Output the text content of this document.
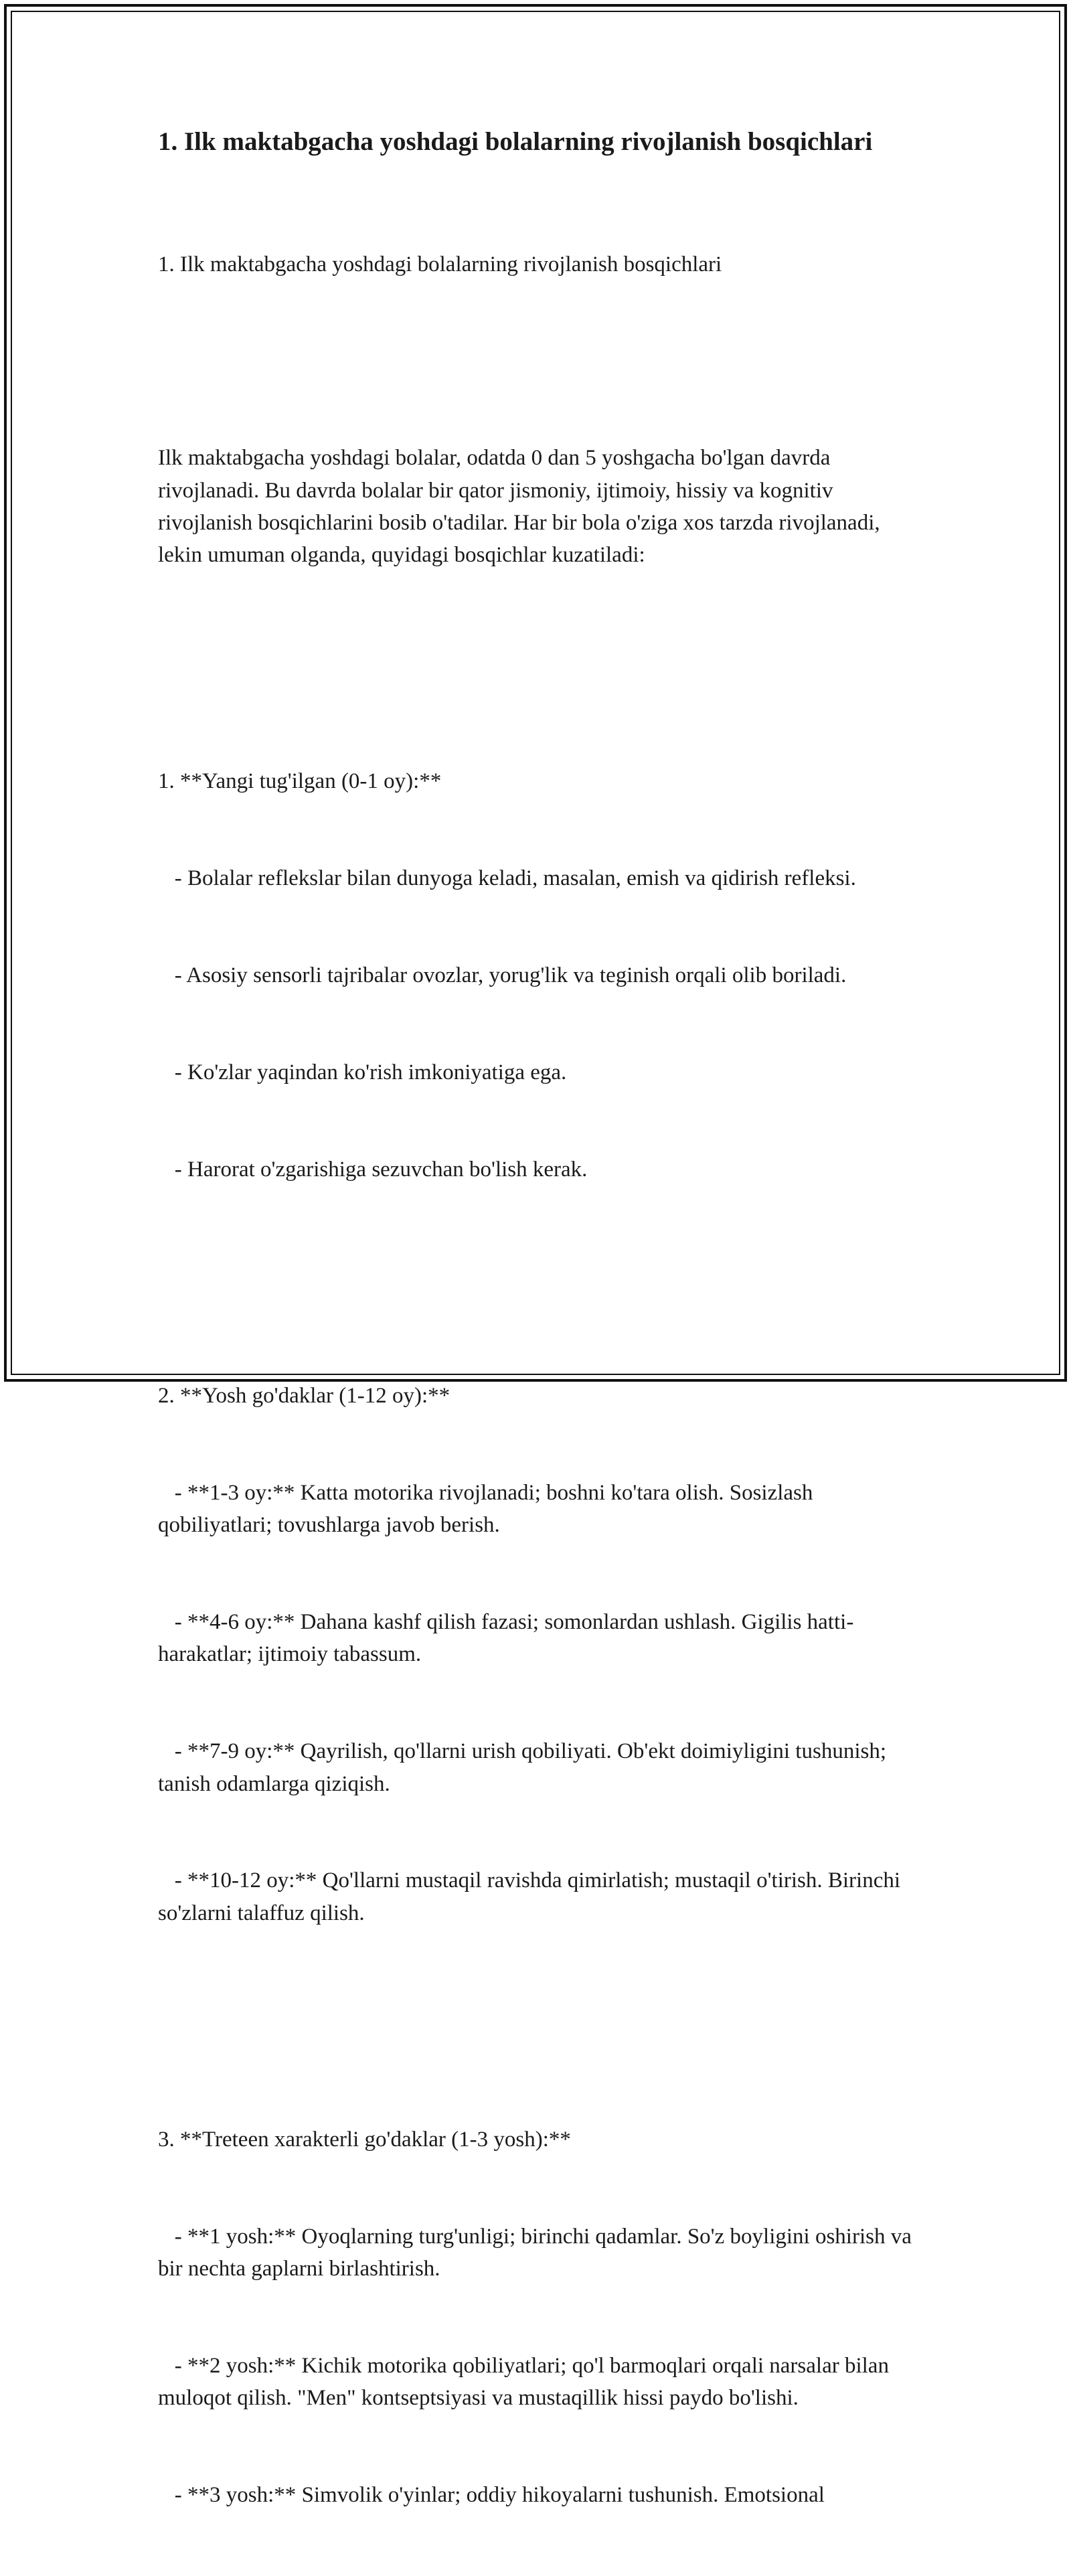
1. Ilk maktabgacha yoshdagi bolalarning rivojlanish bosqichlari

1. Ilk maktabgacha yoshdagi bolalarning rivojlanish bosqichlari

Ilk maktabgacha yoshdagi bolalar, odatda 0 dan 5 yoshgacha bo'lgan davrda rivojlanadi. Bu davrda bolalar bir qator jismoniy, ijtimoiy, hissiy va kognitiv rivojlanish bosqichlarini bosib o'tadilar. Har bir bola o'ziga xos tarzda rivojlanadi, lekin umuman olganda, quyidagi bosqichlar kuzatiladi:

1. **Yangi tug'ilgan (0-1 oy):**

- Bolalar reflekslar bilan dunyoga keladi, masalan, emish va qidirish refleksi.

- Asosiy sensorli tajribalar ovozlar, yorug'lik va teginish orqali olib boriladi.

- Ko'zlar yaqindan ko'rish imkoniyatiga ega.

- Harorat o'zgarishiga sezuvchan bo'lish kerak.

2. **Yosh go'daklar (1-12 oy):**

- **1-3 oy:** Katta motorika rivojlanadi; boshni ko'tara olish. Sosizlash qobiliyatlari; tovushlarga javob berish.

- **4-6 oy:** Dahana kashf qilish fazasi; somonlardan ushlash. Gigilis hatti-harakatlar; ijtimoiy tabassum.

- **7-9 oy:** Qayrilish, qo'llarni urish qobiliyati. Ob'ekt doimiyligini tushunish; tanish odamlarga qiziqish.

- **10-12 oy:** Qo'llarni mustaqil ravishda qimirlatish; mustaqil o'tirish. Birinchi so'zlarni talaffuz qilish.

3. **Treteen xarakterli go'daklar (1-3 yosh):**

- **1 yosh:** Oyoqlarning turg'unligi; birinchi qadamlar. So'z boyligini oshirish va bir nechta gaplarni birlashtirish.

- **2 yosh:** Kichik motorika qobiliyatlari; qo'l barmoqlari orqali narsalar bilan muloqot qilish. "Men" kontseptsiyasi va mustaqillik hissi paydo bo'lishi.

- **3 yosh:** Simvolik o'yinlar; oddiy hikoyalarni tushunish. Emotsional
